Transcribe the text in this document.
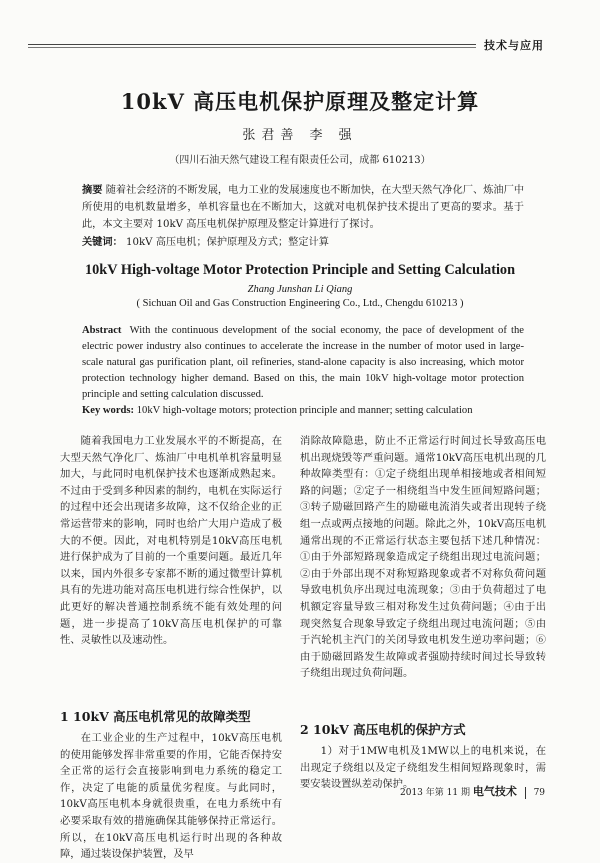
技术与应用
10kV 高压电机保护原理及整定计算
张君善 李 强
（四川石油天然气建设工程有限责任公司，成都 610213）
摘要 随着社会经济的不断发展，电力工业的发展速度也不断加快，在大型天然气净化厂、炼油厂中所使用的电机数量增多，单机容量也在不断加大，这就对电机保护技术提出了更高的要求。基于此，本文主要对 10kV 高压电机保护原理及整定计算进行了探讨。
关键词： 10kV 高压电机；保护原理及方式；整定计算
10kV High-voltage Motor Protection Principle and Setting Calculation
Zhang Junshan Li Qiang
( Sichuan Oil and Gas Construction Engineering Co., Ltd., Chengdu 610213 )
Abstract With the continuous development of the social economy, the pace of development of the electric power industry also continues to accelerate the increase in the number of motor used in large-scale natural gas purification plant, oil refineries, stand-alone capacity is also increasing, which motor protection technology higher demand. Based on this, the main 10kV high-voltage motor protection principle and setting calculation discussed.
Key words: 10kV high-voltage motors; protection principle and manner; setting calculation

随着我国电力工业发展水平的不断提高，在大型天然气净化厂、炼油厂中电机单机容量明显加大，与此同时电机保护技术也逐渐成熟起来。不过由于受到多种因素的制约，电机在实际运行的过程中还会出现诸多故障，这不仅给企业的正常运营带来的影响，同时也给广大用户造成了极大的不便。因此，对电机特别是10kV高压电机进行保护成为了目前的一个重要问题。最近几年以来，国内外很多专家都不断的通过微型计算机具有的先进功能对高压电机进行综合性保护，以此更好的解决普通控制系统不能有效处理的问题，进一步提高了10kV高压电机保护的可靠性、灵敏性以及速动性。

1 10kV 高压电机常见的故障类型

在工业企业的生产过程中，10kV高压电机的使用能够发挥非常重要的作用，它能否保持安全正常的运行会直接影响到电力系统的稳定工作，决定了电能的质量优劣程度。与此同时，10kV高压电机本身就很贵重，在电力系统中有必要采取有效的措施确保其能够保持正常运行。所以，在10kV高压电机运行时出现的各种故障，通过装设保护装置，及早

消除故障隐患，防止不正常运行时间过长导致高压电机出现烧毁等严重问题。通常10kV高压电机出现的几种故障类型有：①定子绕组出现单相接地或者相间短路的问题；②定子一相绕组当中发生匝间短路问题；③转子励磁回路产生的励磁电流消失或者出现转子绕组一点或两点接地的问题。除此之外，10kV高压电机通常出现的不正常运行状态主要包括下述几种情况：①由于外部短路现象造成定子绕组出现过电流问题；②由于外部出现不对称短路现象或者不对称负荷问题导致电机负序出现过电流现象；③由于负荷超过了电机额定容量导致三相对称发生过负荷问题；④由于出现突然复合现象导致定子绕组出现过电流问题；⑤由于汽轮机主汽门的关闭导致电机发生逆功率问题；⑥由于励磁回路发生故障或者强励持续时间过长导致转子绕组出现过负荷问题。

2 10kV 高压电机的保护方式

1）对于1MW电机及1MW以上的电机来说，在出现定子绕组以及定子绕组发生相间短路现象时，需要安装设置纵差动保护。

2013 年第 11 期 电气技术 79
